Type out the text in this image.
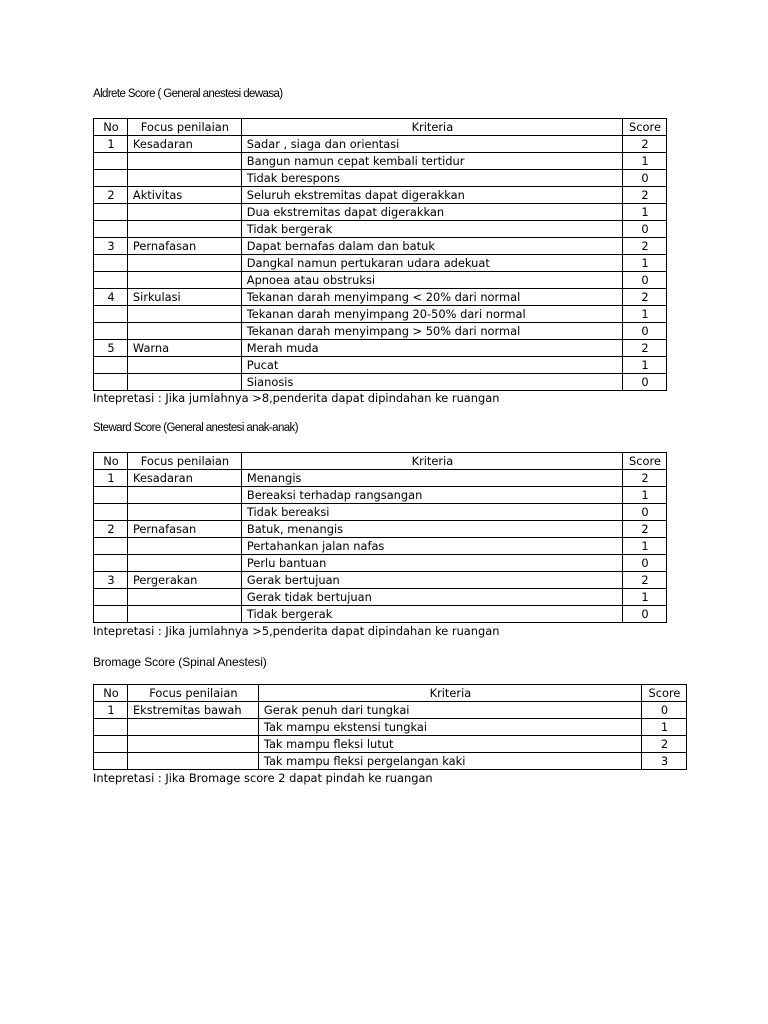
Aldrete Score ( General anestesi dewasa)
No	Focus penilaian	Kriteria	Score
1	Kesadaran	Sadar , siaga dan orientasi	2
		Bangun namun cepat kembali tertidur	1
		Tidak berespons	0
2	Aktivitas	Seluruh ekstremitas dapat digerakkan	2
		Dua ekstremitas dapat digerakkan	1
		Tidak bergerak	0
3	Pernafasan	Dapat bernafas dalam dan batuk	2
		Dangkal namun pertukaran udara adekuat	1
		Apnoea atau obstruksi	0
4	Sirkulasi	Tekanan darah menyimpang < 20% dari normal	2
		Tekanan darah menyimpang 20-50% dari normal	1
		Tekanan darah menyimpang > 50% dari normal	0
5	Warna	Merah muda	2
		Pucat	1
		Sianosis	0
Intepretasi : Jika jumlahnya >8,penderita dapat dipindahan ke ruangan
Steward Score (General anestesi anak-anak)
No	Focus penilaian	Kriteria	Score
1	Kesadaran	Menangis	2
		Bereaksi terhadap rangsangan	1
		Tidak bereaksi	0
2	Pernafasan	Batuk, menangis	2
		Pertahankan jalan nafas	1
		Perlu bantuan	0
3	Pergerakan	Gerak bertujuan	2
		Gerak tidak bertujuan	1
		Tidak bergerak	0
Intepretasi : Jika jumlahnya >5,penderita dapat dipindahan ke ruangan
Bromage Score (Spinal Anestesi)
No	Focus penilaian	Kriteria	Score
1	Ekstremitas bawah	Gerak penuh dari tungkai	0
		Tak mampu ekstensi tungkai	1
		Tak mampu fleksi lutut	2
		Tak mampu fleksi pergelangan kaki	3
Intepretasi : Jika Bromage score 2 dapat pindah ke ruangan
